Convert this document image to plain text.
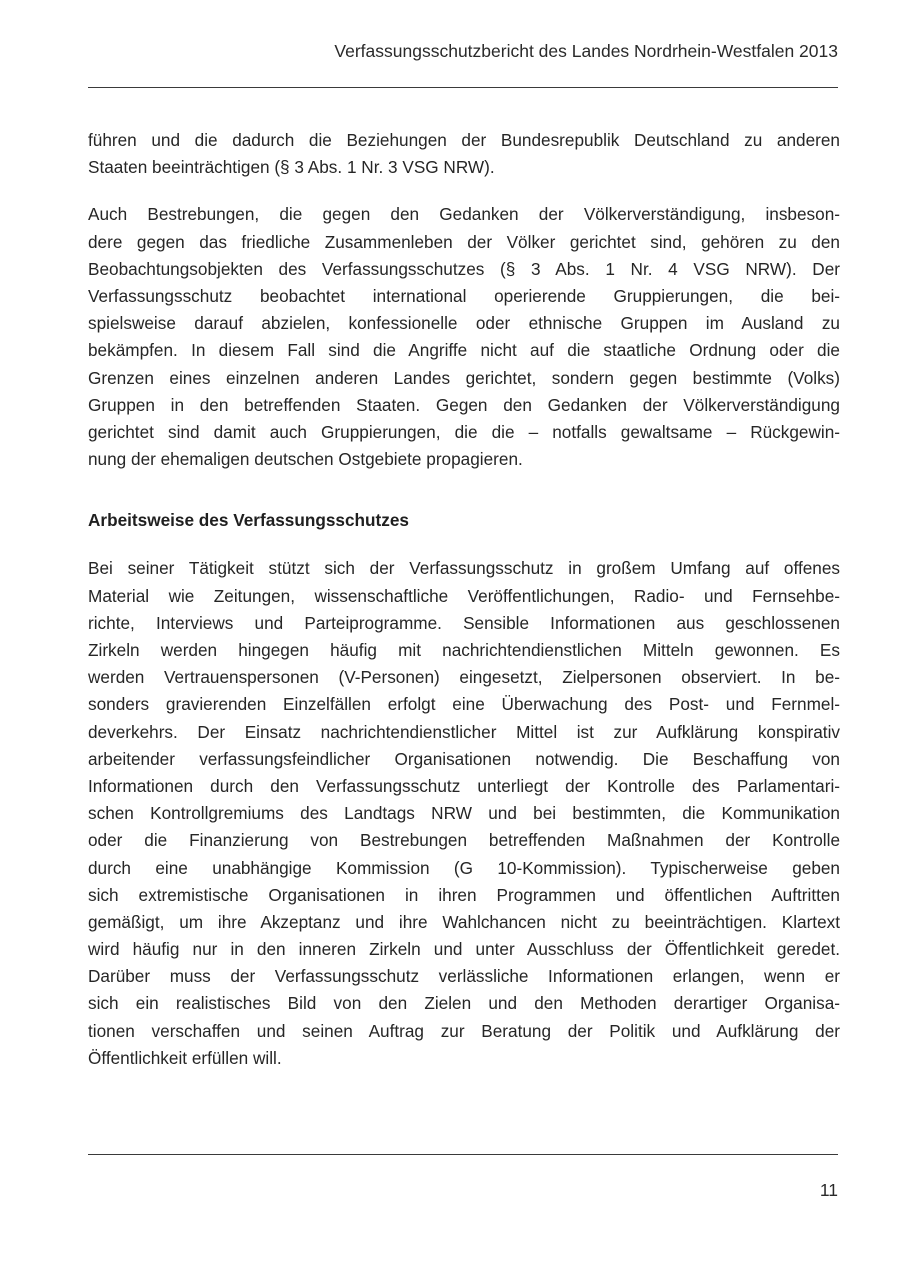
Verfassungsschutzbericht des Landes Nordrhein-Westfalen 2013
führen und die dadurch die Beziehungen der Bundesrepublik Deutschland zu anderen
Staaten beeinträchtigen (§ 3 Abs. 1 Nr. 3 VSG NRW).
Auch Bestrebungen, die gegen den Gedanken der Völkerverständigung, insbeson-
dere gegen das friedliche Zusammenleben der Völker gerichtet sind, gehören zu den
Beobachtungsobjekten des Verfassungsschutzes (§ 3 Abs. 1 Nr. 4 VSG NRW). Der
Verfassungsschutz beobachtet international operierende Gruppierungen, die bei-
spielsweise darauf abzielen, konfessionelle oder ethnische Gruppen im Ausland zu
bekämpfen. In diesem Fall sind die Angriffe nicht auf die staatliche Ordnung oder die
Grenzen eines einzelnen anderen Landes gerichtet, sondern gegen bestimmte (Volks)
Gruppen in den betreffenden Staaten. Gegen den Gedanken der Völkerverständigung
gerichtet sind damit auch Gruppierungen, die die – notfalls gewaltsame – Rückgewin-
nung der ehemaligen deutschen Ostgebiete propagieren.
Arbeitsweise des Verfassungsschutzes
Bei seiner Tätigkeit stützt sich der Verfassungsschutz in großem Umfang auf offenes
Material wie Zeitungen, wissenschaftliche Veröffentlichungen, Radio- und Fernsehbe-
richte, Interviews und Parteiprogramme. Sensible Informationen aus geschlossenen
Zirkeln werden hingegen häufig mit nachrichtendienstlichen Mitteln gewonnen. Es
werden Vertrauenspersonen (V-Personen) eingesetzt, Zielpersonen observiert. In be-
sonders gravierenden Einzelfällen erfolgt eine Überwachung des Post- und Fernmel-
deverkehrs. Der Einsatz nachrichtendienstlicher Mittel ist zur Aufklärung konspirativ
arbeitender verfassungsfeindlicher Organisationen notwendig. Die Beschaffung von
Informationen durch den Verfassungsschutz unterliegt der Kontrolle des Parlamentari-
schen Kontrollgremiums des Landtags NRW und bei bestimmten, die Kommunikation
oder die Finanzierung von Bestrebungen betreffenden Maßnahmen der Kontrolle
durch eine unabhängige Kommission (G 10-Kommission). Typischerweise geben
sich extremistische Organisationen in ihren Programmen und öffentlichen Auftritten
gemäßigt, um ihre Akzeptanz und ihre Wahlchancen nicht zu beeinträchtigen. Klartext
wird häufig nur in den inneren Zirkeln und unter Ausschluss der Öffentlichkeit geredet.
Darüber muss der Verfassungsschutz verlässliche Informationen erlangen, wenn er
sich ein realistisches Bild von den Zielen und den Methoden derartiger Organisa-
tionen verschaffen und seinen Auftrag zur Beratung der Politik und Aufklärung der
Öffentlichkeit erfüllen will.
11
